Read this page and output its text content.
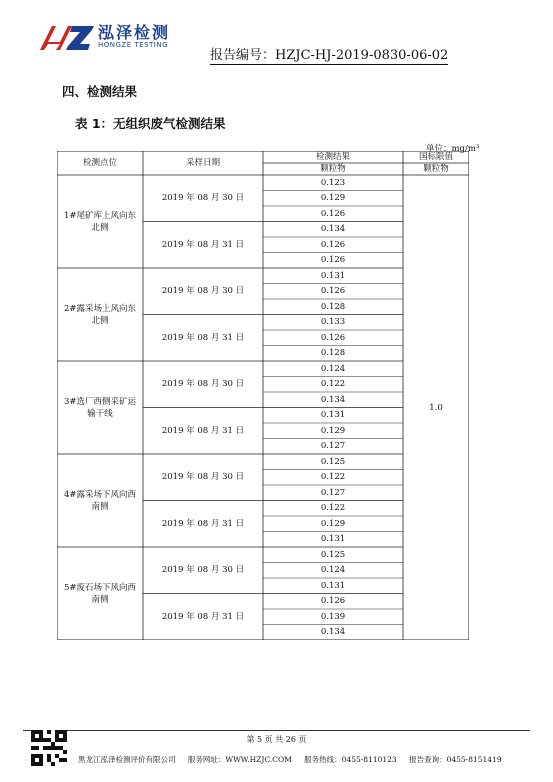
泓泽检测
HONGZE TESTING
报告编号：HZJC-HJ-2019-0830-06-02
四、检测结果
表 1：无组织废气检测结果
单位：mg/m³
检测点位	采样日期
检测结果
颗粒物
国标限值
颗粒物
1.0
1#尾矿库上风向东北侧
2019 年 08 月 30 日
0.123
0.129
0.126
2019 年 08 月 31 日
0.134
0.126
0.126
2#露采场上风向东北侧
2019 年 08 月 30 日
0.131
0.126
0.128
2019 年 08 月 31 日
0.133
0.126
0.128
3#选厂西侧采矿运输干线
2019 年 08 月 30 日
0.124
0.122
0.134
2019 年 08 月 31 日
0.131
0.129
0.127
4#露采场下风向西南侧
2019 年 08 月 30 日
0.125
0.122
0.127
2019 年 08 月 31 日
0.122
0.129
0.131
5#废石场下风向西南侧
2019 年 08 月 30 日
0.125
0.124
0.131
2019 年 08 月 31 日
0.126
0.139
0.134
第 5 页 共 26 页
黑龙江泓泽检测评价有限公司 服务网址：WWW.HZJC.COM 服务热线：0455-8110123 报告查询：0455-8151419
